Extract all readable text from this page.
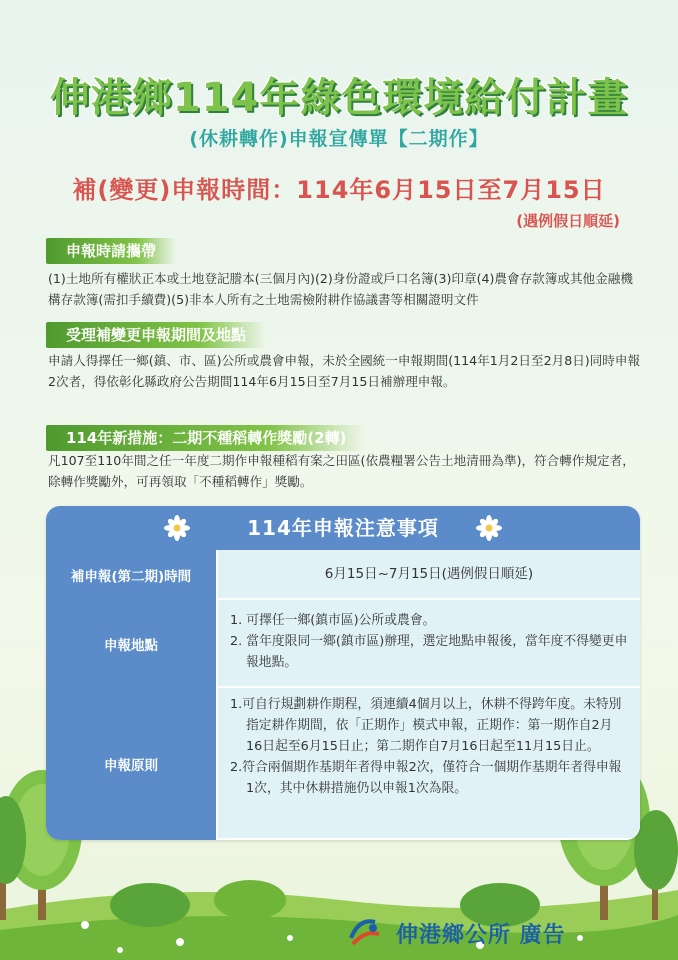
伸港鄉114年綠色環境給付計畫
(休耕轉作)申報宣傳單【二期作】
補(變更)申報時間：114年6月15日至7月15日
(遇例假日順延)
申報時請攜帶
(1)土地所有權狀正本或土地登記謄本(三個月內)(2)身份證或戶口名簿(3)印章(4)農會存款簿或其他金融機構存款簿(需扣手續費)(5)非本人所有之土地需檢附耕作協議書等相關證明文件
受理補變更申報期間及地點
申請人得擇任一鄉(鎮、市、區)公所或農會申報，未於全國統一申報期間(114年1月2日至2月8日)同時申報2次者，得依彰化縣政府公告期間114年6月15日至7月15日補辦理申報。
114年新措施：二期不種稻轉作獎勵(2轉)
凡107至110年間之任一年度二期作申報種稻有案之田區(依農糧署公告土地清冊為準)，符合轉作規定者，除轉作獎勵外，可再領取「不種稻轉作」獎勵。
114年申報注意事項
補申報(第二期)時間	6月15日~7月15日(遇例假日順延)
申報地點
1. 可擇任一鄉(鎮市區)公所或農會。
2. 當年度限同一鄉(鎮市區)辦理，選定地點申報後，當年度不得變更申報地點。
申報原則
1.可自行規劃耕作期程，須連續4個月以上，休耕不得跨年度。未特別指定耕作期間，依「正期作」模式申報，正期作：第一期作自2月16日起至6月15日止；第二期作自7月16日起至11月15日止。
2.符合兩個期作基期年者得申報2次，僅符合一個期作基期年者得申報1次，其中休耕措施仍以申報1次為限。
伸港鄉公所 廣告
